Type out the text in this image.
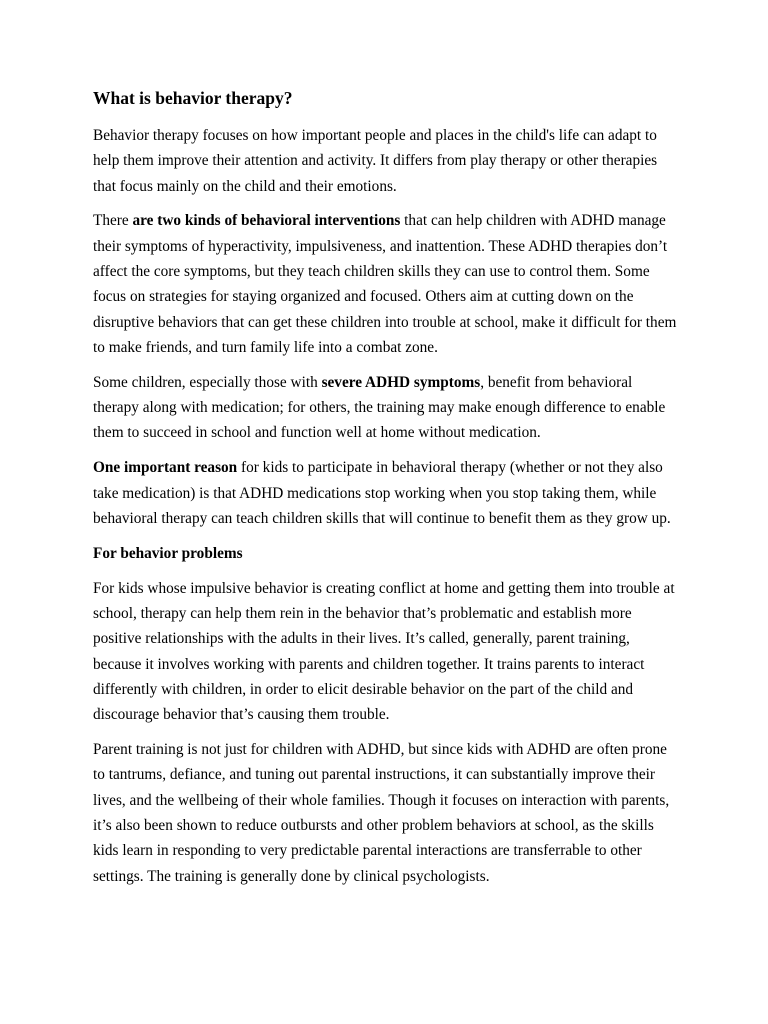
What is behavior therapy?

Behavior therapy focuses on how important people and places in the child's life can adapt to help them improve their attention and activity. It differs from play therapy or other therapies that focus mainly on the child and their emotions.

There are two kinds of behavioral interventions that can help children with ADHD manage their symptoms of hyperactivity, impulsiveness, and inattention. These ADHD therapies don’t affect the core symptoms, but they teach children skills they can use to control them. Some focus on strategies for staying organized and focused. Others aim at cutting down on the disruptive behaviors that can get these children into trouble at school, make it difficult for them to make friends, and turn family life into a combat zone.

Some children, especially those with severe ADHD symptoms, benefit from behavioral therapy along with medication; for others, the training may make enough difference to enable them to succeed in school and function well at home without medication.

One important reason for kids to participate in behavioral therapy (whether or not they also take medication) is that ADHD medications stop working when you stop taking them, while behavioral therapy can teach children skills that will continue to benefit them as they grow up.

For behavior problems

For kids whose impulsive behavior is creating conflict at home and getting them into trouble at school, therapy can help them rein in the behavior that’s problematic and establish more positive relationships with the adults in their lives. It’s called, generally, parent training, because it involves working with parents and children together. It trains parents to interact differently with children, in order to elicit desirable behavior on the part of the child and discourage behavior that’s causing them trouble.

Parent training is not just for children with ADHD, but since kids with ADHD are often prone to tantrums, defiance, and tuning out parental instructions, it can substantially improve their lives, and the wellbeing of their whole families. Though it focuses on interaction with parents, it’s also been shown to reduce outbursts and other problem behaviors at school, as the skills kids learn in responding to very predictable parental interactions are transferrable to other settings. The training is generally done by clinical psychologists.
